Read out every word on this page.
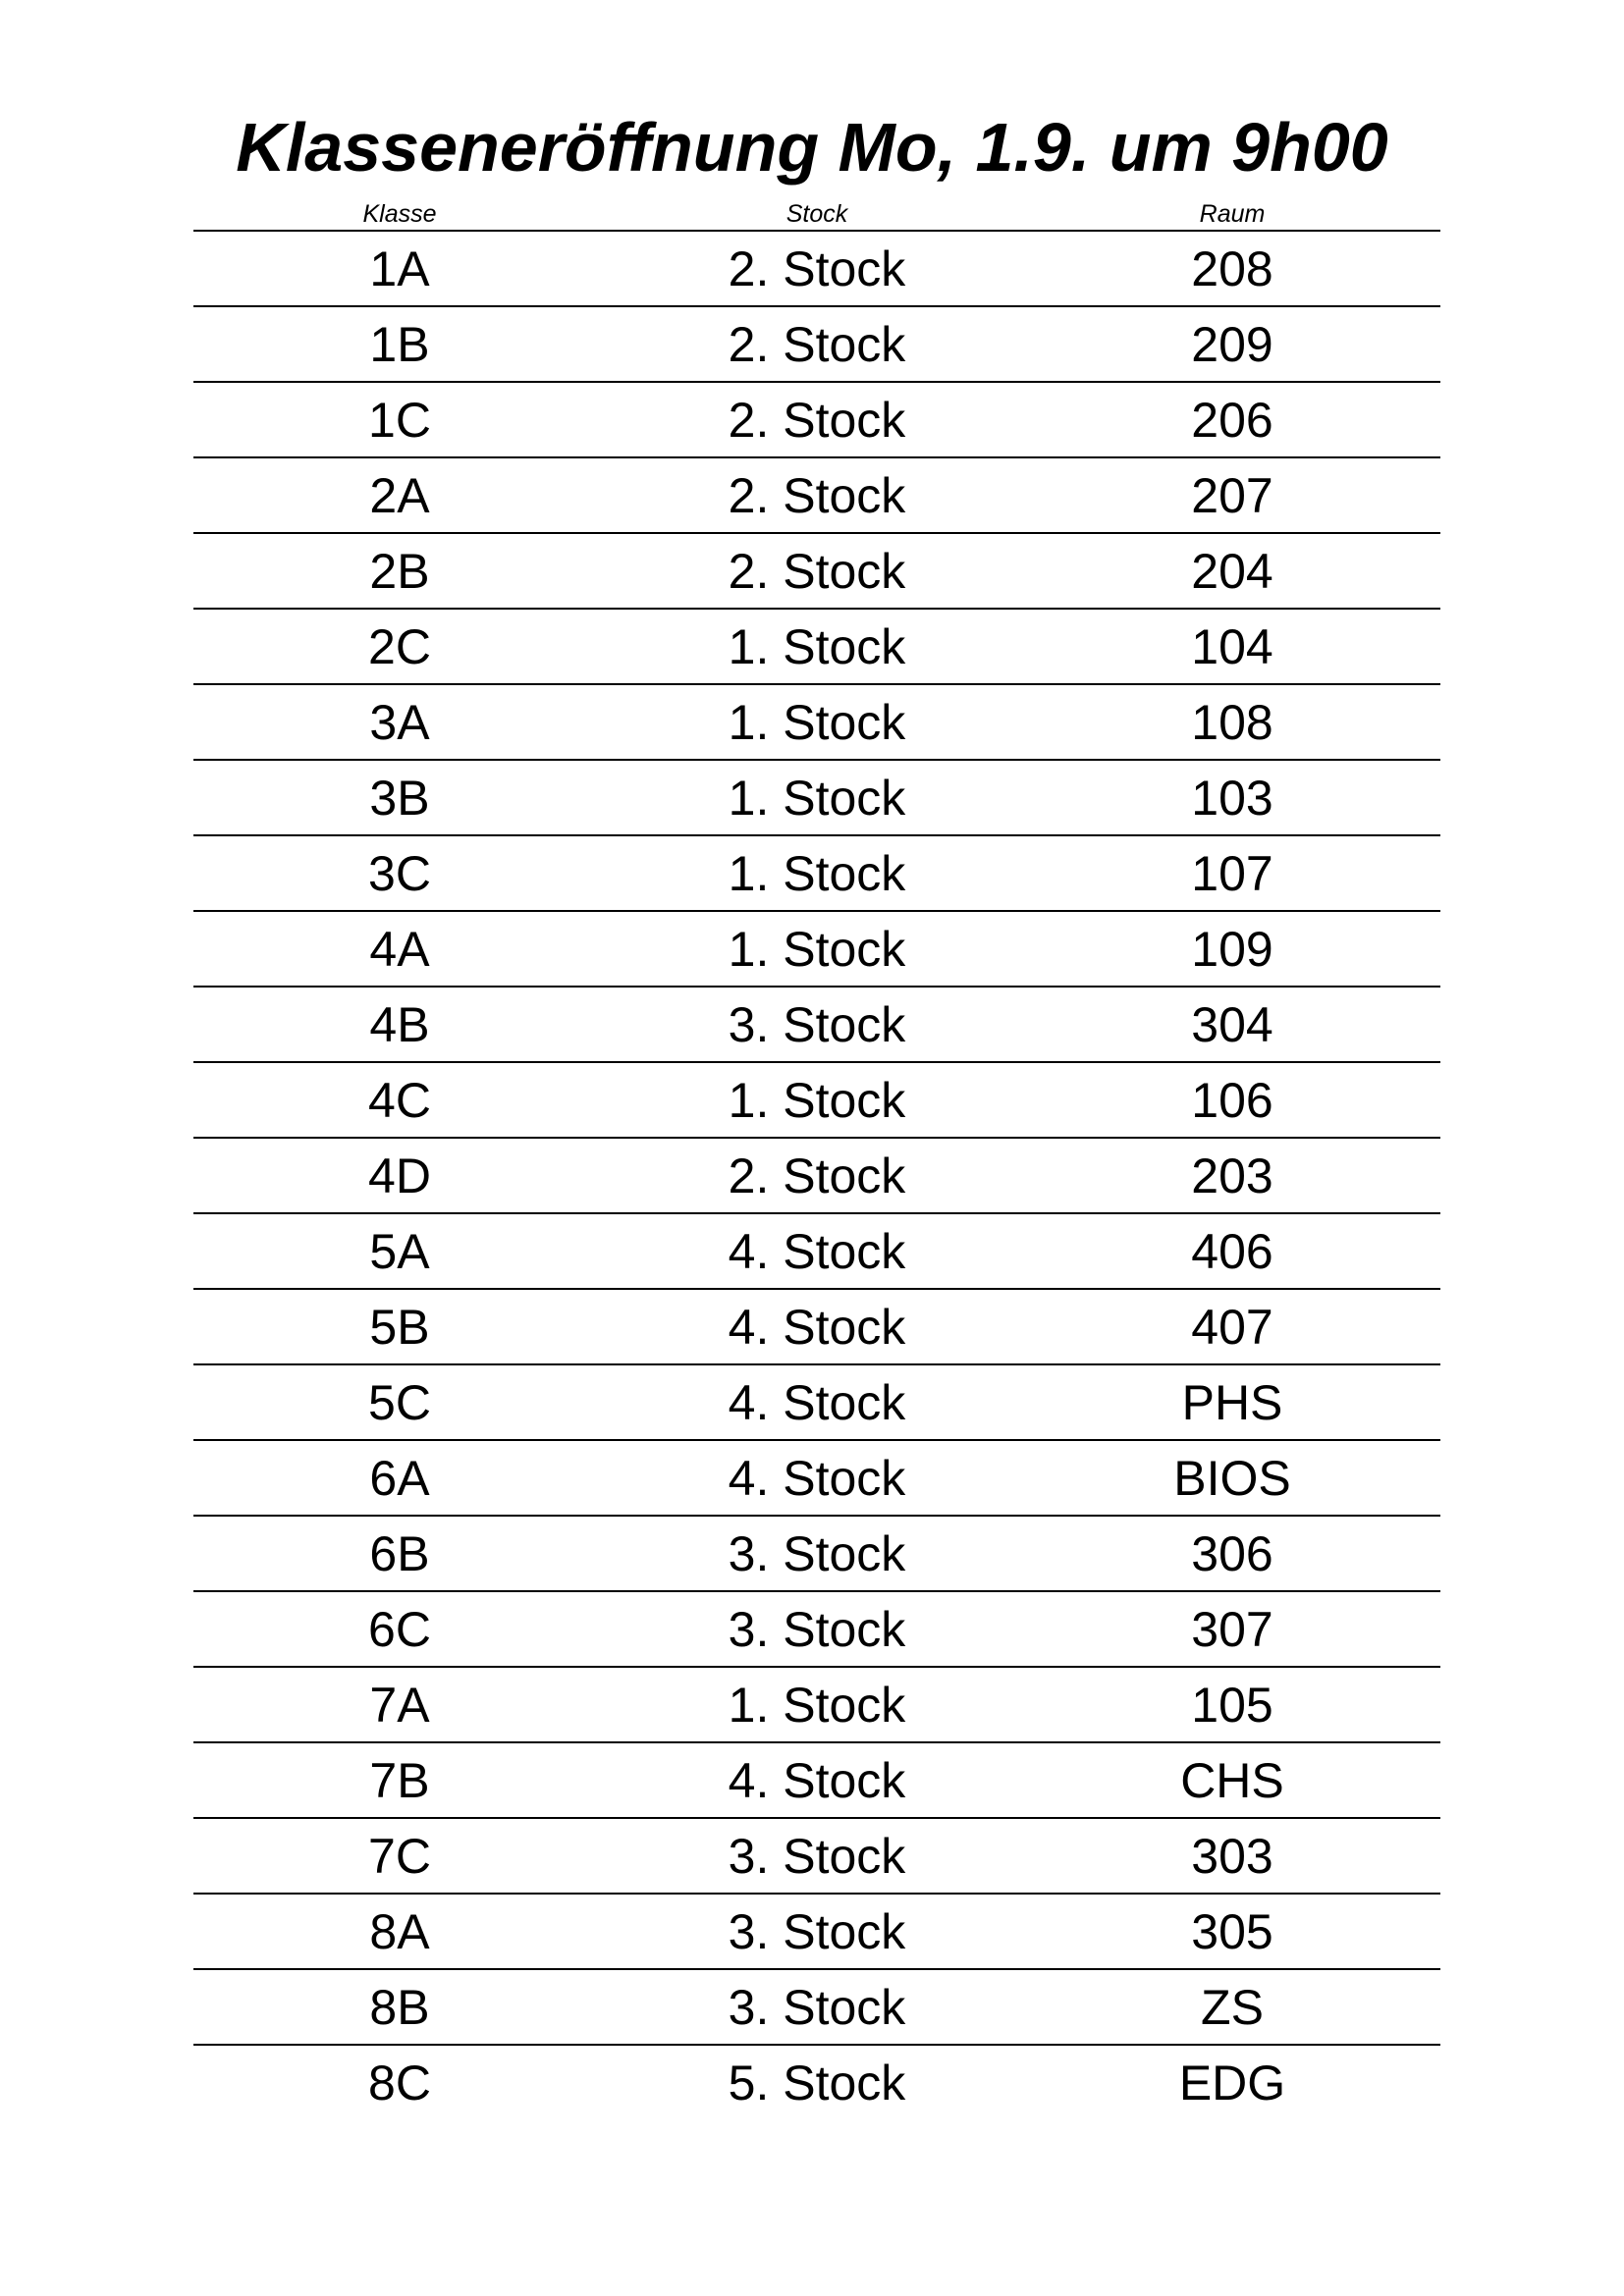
Klasseneröffnung Mo, 1.9. um 9h00
Klasse	Stock	Raum
1A	2. Stock	208
1B	2. Stock	209
1C	2. Stock	206
2A	2. Stock	207
2B	2. Stock	204
2C	1. Stock	104
3A	1. Stock	108
3B	1. Stock	103
3C	1. Stock	107
4A	1. Stock	109
4B	3. Stock	304
4C	1. Stock	106
4D	2. Stock	203
5A	4. Stock	406
5B	4. Stock	407
5C	4. Stock	PHS
6A	4. Stock	BIOS
6B	3. Stock	306
6C	3. Stock	307
7A	1. Stock	105
7B	4. Stock	CHS
7C	3. Stock	303
8A	3. Stock	305
8B	3. Stock	ZS
8C	5. Stock	EDG
